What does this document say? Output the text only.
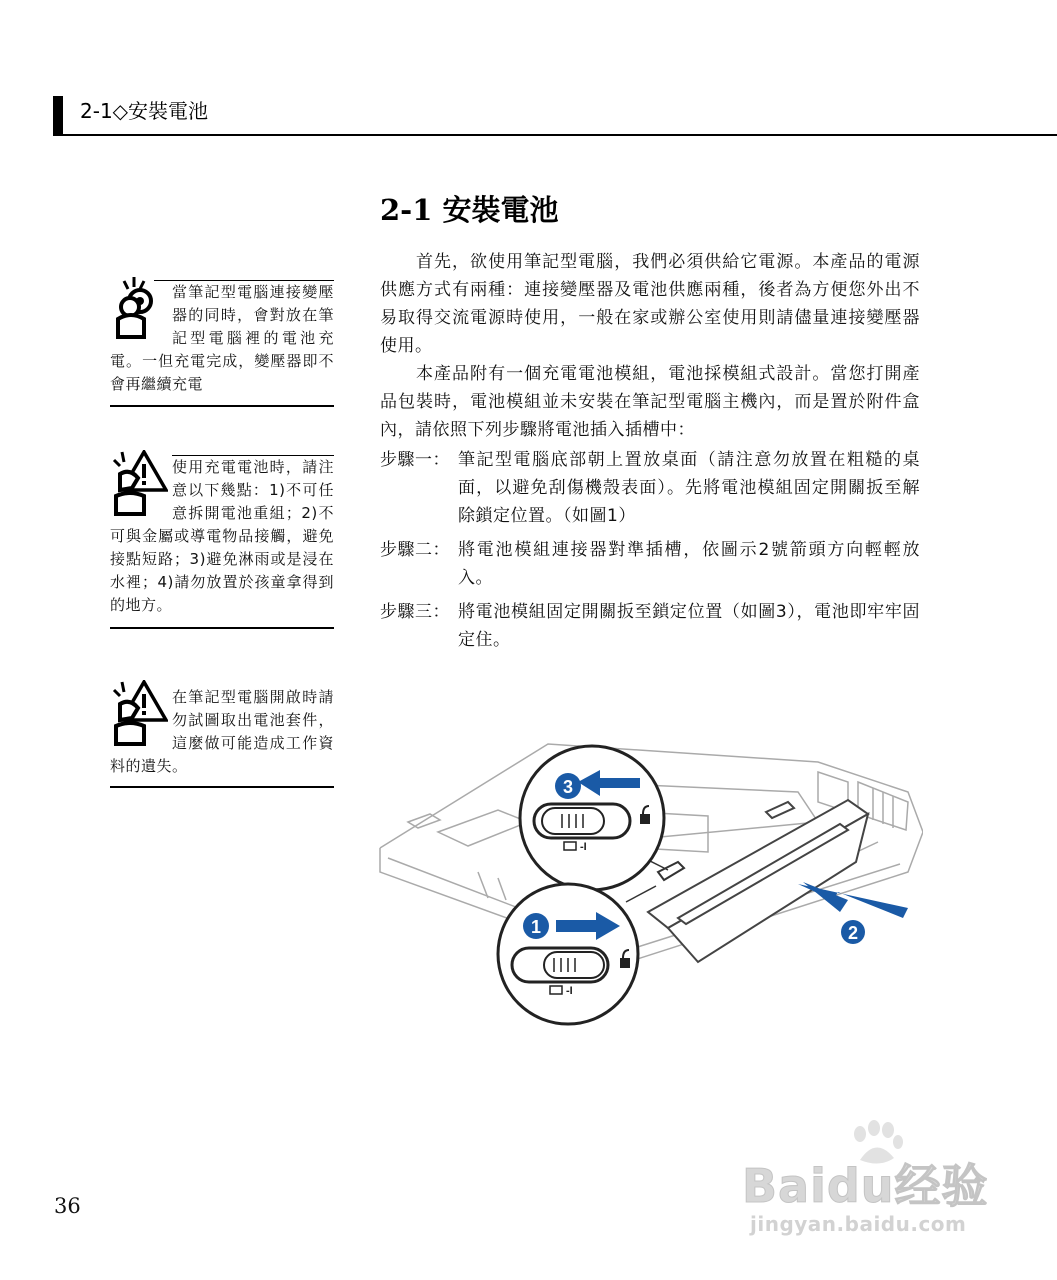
2-1◇安裝電池
2-1 安裝電池
首先，欲使用筆記型電腦，我們必須供給它電源。本產品的電源供應方式有兩種：連接變壓器及電池供應兩種，後者為方便您外出不易取得交流電源時使用，一般在家或辦公室使用則請儘量連接變壓器使用。
本產品附有一個充電電池模組，電池採模組式設計。當您打開產品包裝時，電池模組並未安裝在筆記型電腦主機內，而是置於附件盒內，請依照下列步驟將電池插入插槽中：
步驟一： 筆記型電腦底部朝上置放桌面（請注意勿放置在粗糙的桌面，以避免刮傷機殼表面）。先將電池模組固定開關扳至解除鎖定位置。（如圖1）
步驟二： 將電池模組連接器對準插槽，依圖示2號箭頭方向輕輕放入。
步驟三： 將電池模組固定開關扳至鎖定位置（如圖3），電池即牢牢固定住。
當筆記型電腦連接變壓器的同時，會對放在筆記型電腦裡的電池充電。一但充電完成，變壓器即不會再繼續充電
使用充電電池時，請注意以下幾點：1)不可任意拆開電池重組；2)不可與金屬或導電物品接觸，避免接點短路；3)避免淋雨或是浸在水裡；4)請勿放置於孩童拿得到的地方。
在筆記型電腦開啟時請勿試圖取出電池套件，這麼做可能造成工作資料的遺失。
2
3
-I
1
-I
36	Baidu经验
jingyan.baidu.com
